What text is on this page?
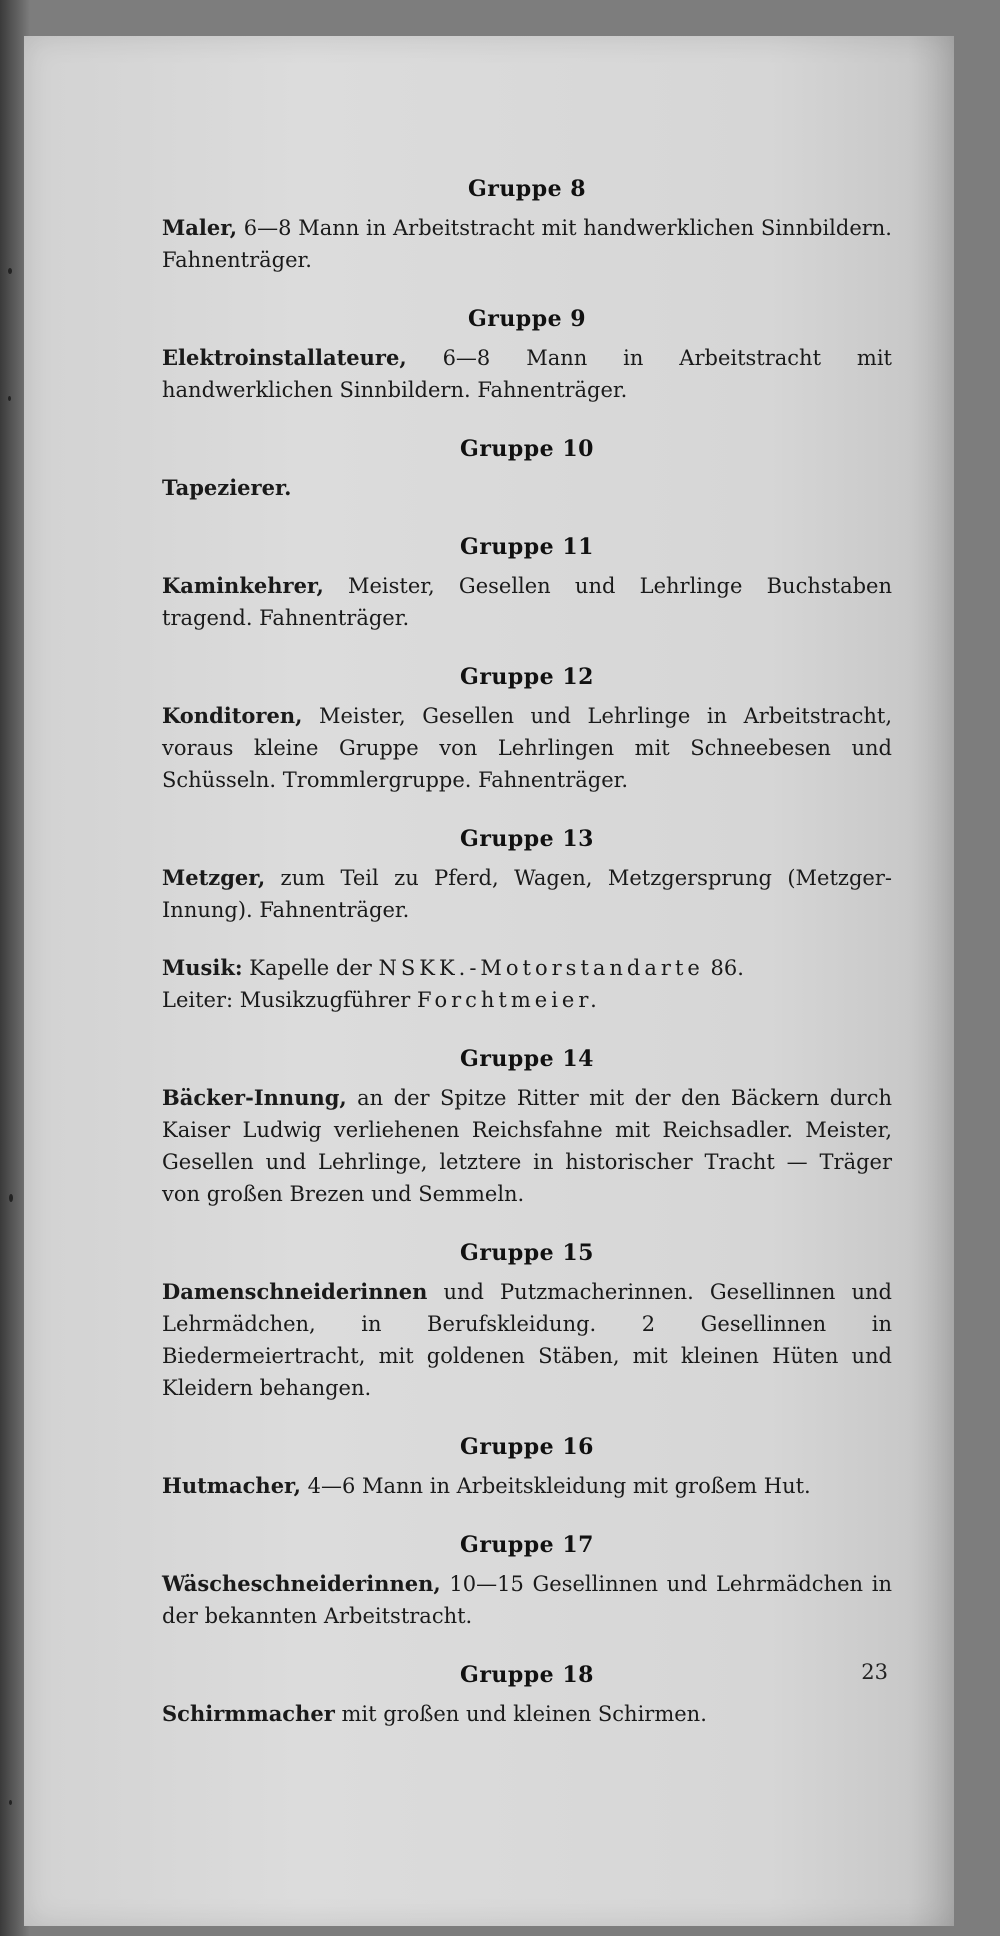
Gruppe 8

Maler, 6—8 Mann in Arbeitstracht mit handwerklichen Sinnbildern. Fahnenträger.

Gruppe 9

Elektroinstallateure, 6—8 Mann in Arbeitstracht mit handwerklichen Sinnbildern. Fahnenträger.

Gruppe 10

Tapezierer.

Gruppe 11

Kaminkehrer, Meister, Gesellen und Lehrlinge Buchstaben tragend. Fahnenträger.

Gruppe 12

Konditoren, Meister, Gesellen und Lehrlinge in Arbeitstracht, voraus kleine Gruppe von Lehrlingen mit Schneebesen und Schüsseln. Trommlergruppe. Fahnenträger.

Gruppe 13

Metzger, zum Teil zu Pferd, Wagen, Metzgersprung (Metzger-Innung). Fahnenträger.

Musik: Kapelle der NSKK.-Motorstandarte 86.

Leiter: Musikzugführer Forchtmeier.

Gruppe 14

Bäcker-Innung, an der Spitze Ritter mit der den Bäckern durch Kaiser Ludwig verliehenen Reichsfahne mit Reichsadler. Meister, Gesellen und Lehrlinge, letztere in historischer Tracht — Träger von großen Brezen und Semmeln.

Gruppe 15

Damenschneiderinnen und Putzmacherinnen. Gesellinnen und Lehrmädchen, in Berufskleidung. 2 Gesellinnen in Biedermeiertracht, mit goldenen Stäben, mit kleinen Hüten und Kleidern behangen.

Gruppe 16

Hutmacher, 4—6 Mann in Arbeitskleidung mit großem Hut.

Gruppe 17

Wäscheschneiderinnen, 10—15 Gesellinnen und Lehrmädchen in der bekannten Arbeitstracht.

Gruppe 18

Schirmmacher mit großen und kleinen Schirmen.

23
